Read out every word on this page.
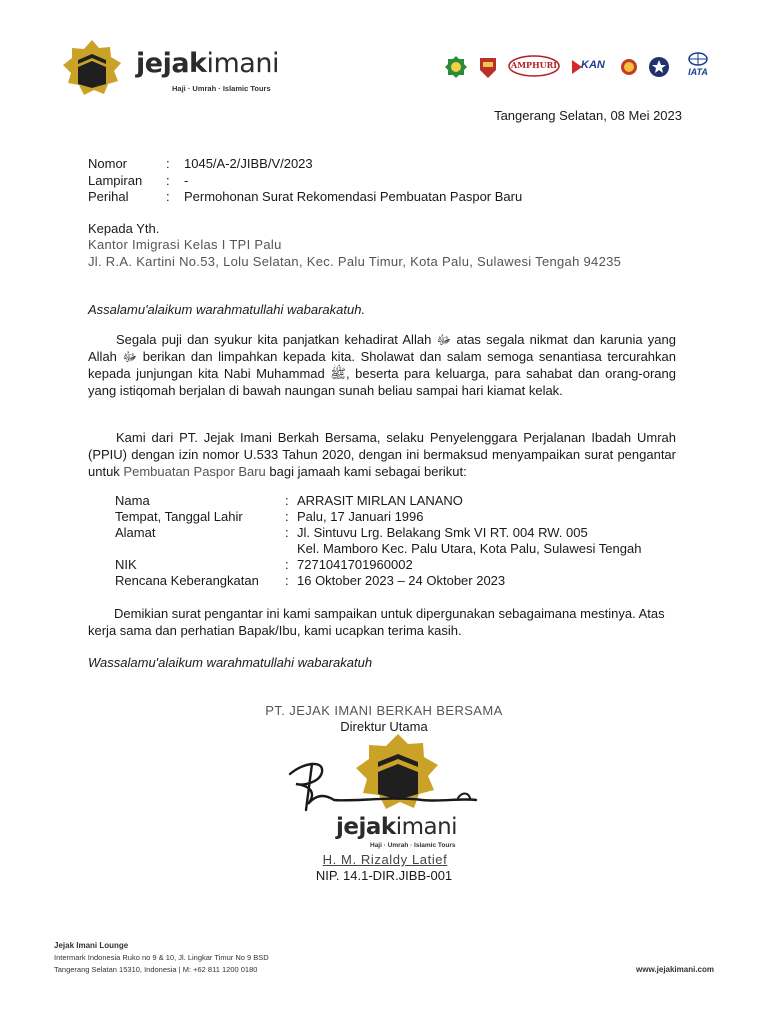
jejakimani
Haji · Umrah · Islamic Tours
AMPHURI KAN
IATA
Tangerang Selatan, 08 Mei 2023
Nomor	: 1045/A-2/JIBB/V/2023
Lampiran	: -
Perihal	: Permohonan Surat Rekomendasi Pembuatan Paspor Baru
Kepada Yth.
Kantor Imigrasi Kelas I TPI Palu
Jl. R.A. Kartini No.53, Lolu Selatan, Kec. Palu Timur, Kota Palu, Sulawesi Tengah 94235
Assalamu'alaikum warahmatullahi wabarakatuh.
Segala puji dan syukur kita panjatkan kehadirat Allah ﷻ atas segala nikmat dan karunia yang Allah ﷻ berikan dan limpahkan kepada kita. Sholawat dan salam semoga senantiasa tercurahkan kepada junjungan kita Nabi Muhammad ﷺ, beserta para keluarga, para sahabat dan orang-orang yang istiqomah berjalan di bawah naungan sunah beliau sampai hari kiamat kelak.
Kami dari PT. Jejak Imani Berkah Bersama, selaku Penyelenggara Perjalanan Ibadah Umrah (PPIU) dengan izin nomor U.533 Tahun 2020, dengan ini bermaksud menyampaikan surat pengantar untuk Pembuatan Paspor Baru bagi jamaah kami sebagai berikut:
Nama	: ARRASIT MIRLAN LANANO
Tempat, Tanggal Lahir	: Palu, 17 Januari 1996
Alamat	: Jl. Sintuvu Lrg. Belakang Smk VI RT. 004 RW. 005
Kel. Mamboro Kec. Palu Utara, Kota Palu, Sulawesi Tengah
NIK	: 7271041701960002
Rencana Keberangkatan : 16 Oktober 2023 – 24 Oktober 2023
Demikian surat pengantar ini kami sampaikan untuk dipergunakan sebagaimana mestinya. Atas kerja sama dan perhatian Bapak/Ibu, kami ucapkan terima kasih.
Wassalamu'alaikum warahmatullahi wabarakatuh
PT. JEJAK IMANI BERKAH BERSAMA
Direktur Utama
jejakimani
Haji · Umrah · Islamic Tours
H. M. Rizaldy Latief
NIP. 14.1-DIR.JIBB-001
Jejak Imani Lounge
Intermark Indonesia Ruko no 9 & 10, Jl. Lingkar Timur No 9 BSD
Tangerang Selatan 15310, Indonesia | M: +62 811 1200 0180	www.jejakimani.com
